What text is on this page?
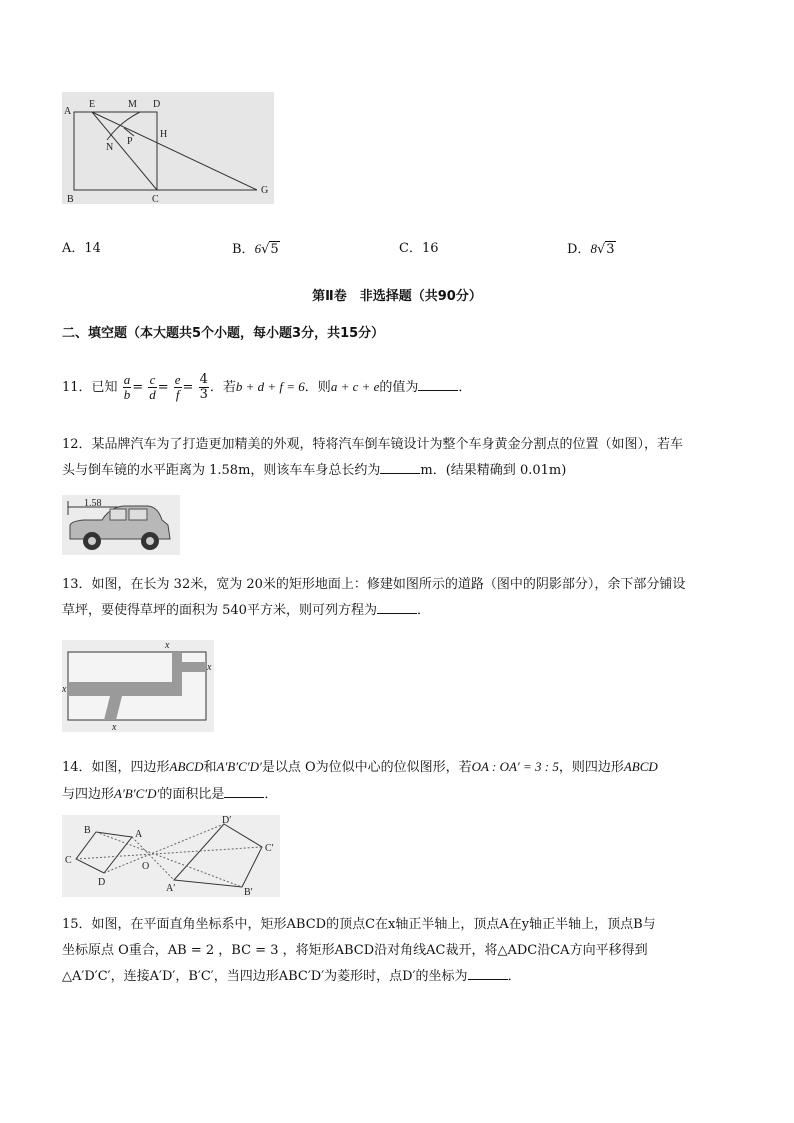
A
E	M D
N
P
H
B	C
G
A．14	B．6√5	C．16	D．8√3
第Ⅱ卷　非选择题（共90分）
二、填空题（本大题共5个小题，每小题3分，共15分）
11．已知 $\frac{a}{b} = \frac{c}{d} = \frac{e}{f} = \frac{4}{3}$ ．若b + d + f = 6．则a + c + e的值为	．
12．某品牌汽车为了打造更加精美的外观，特将汽车倒车镜设计为整个车身黄金分割点的位置（如图），若车
头与倒车镜的水平距离为 1.58m，则该车车身总长约为	m．(结果精确到 0.01m)
1.58
13．如图，在长为 32米，宽为 20米的矩形地面上：修建如图所示的道路（图中的阴影部分），余下部分铺设
草坪，要使得草坪的面积为 540平方米，则可列方程为	．
x
x
x
x
14．如图，四边形ABCD和A′B′C′D′是以点 O为位似中心的位似图形，若OA : OA′ = 3 : 5，则四边形ABCD
与四边形A′B′C′D′的面积比是	．
B	A
C
O
D
D′
C′
A′	B′
15．如图，在平面直角坐标系中，矩形ABCD的顶点C在x轴正半轴上，顶点A在y轴正半轴上，顶点B与
坐标原点 O重合，AB = 2 ，BC = 3 ，将矩形ABCD沿对角线AC裁开，将△ADC沿CA方向平移得到
△A′D′C′，连接A′D′，B′C′，当四边形ABC′D′为菱形时，点D′的坐标为	．
